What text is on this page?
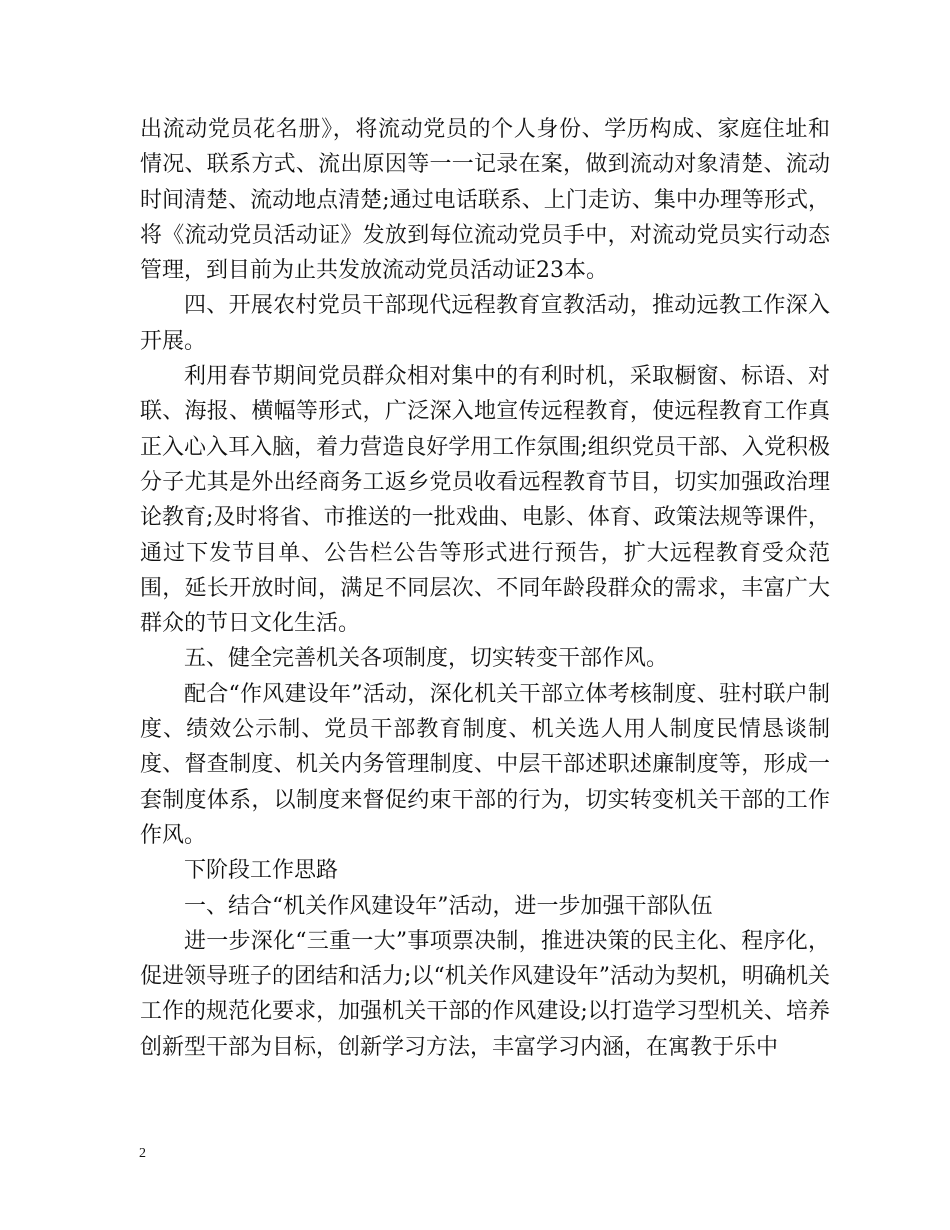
出流动党员花名册》，将流动党员的个人身份、学历构成、家庭住址和情况、联系方式、流出原因等一一记录在案，做到流动对象清楚、流动时间清楚、流动地点清楚;通过电话联系、上门走访、集中办理等形式，将《流动党员活动证》发放到每位流动党员手中，对流动党员实行动态管理，到目前为止共发放流动党员活动证23本。

四、开展农村党员干部现代远程教育宣教活动，推动远教工作深入开展。

利用春节期间党员群众相对集中的有利时机，采取橱窗、标语、对联、海报、横幅等形式，广泛深入地宣传远程教育，使远程教育工作真正入心入耳入脑，着力营造良好学用工作氛围;组织党员干部、入党积极分子尤其是外出经商务工返乡党员收看远程教育节目，切实加强政治理论教育;及时将省、市推送的一批戏曲、电影、体育、政策法规等课件，通过下发节目单、公告栏公告等形式进行预告，扩大远程教育受众范围，延长开放时间，满足不同层次、不同年龄段群众的需求，丰富广大群众的节日文化生活。

五、健全完善机关各项制度，切实转变干部作风。

配合“作风建设年”活动，深化机关干部立体考核制度、驻村联户制度、绩效公示制、党员干部教育制度、机关选人用人制度民情恳谈制度、督查制度、机关内务管理制度、中层干部述职述廉制度等，形成一套制度体系，以制度来督促约束干部的行为，切实转变机关干部的工作作风。

下阶段工作思路

一、结合“机关作风建设年”活动，进一步加强干部队伍

进一步深化“三重一大”事项票决制，推进决策的民主化、程序化，促进领导班子的团结和活力;以“机关作风建设年”活动为契机，明确机关工作的规范化要求，加强机关干部的作风建设;以打造学习型机关、培养创新型干部为目标，创新学习方法，丰富学习内涵，在寓教于乐中

2
